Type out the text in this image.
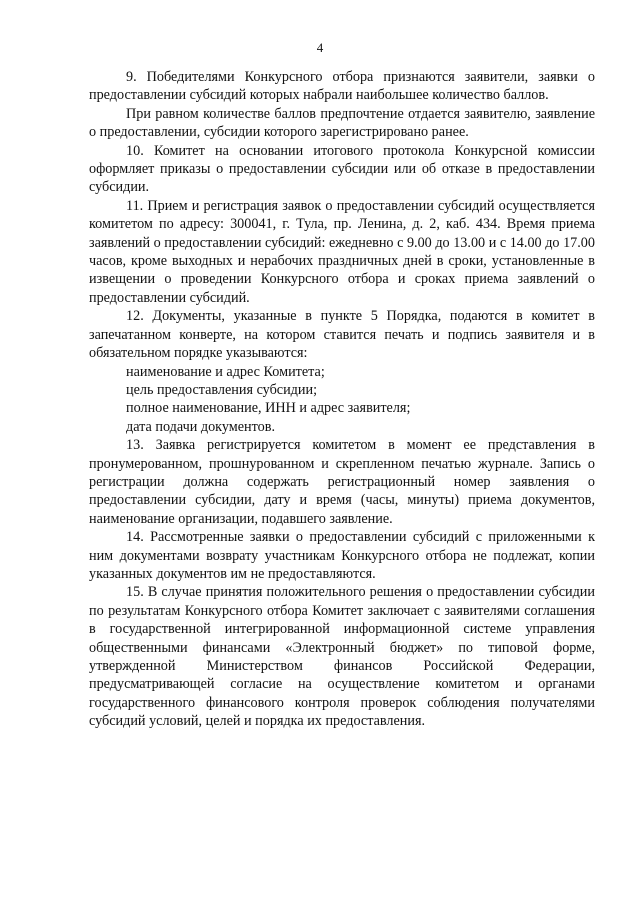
4

9. Победителями Конкурсного отбора признаются заявители, заявки о предоставлении субсидий которых набрали наибольшее количество баллов.

При равном количестве баллов предпочтение отдается заявителю, заявление о предоставлении, субсидии которого зарегистрировано ранее.

10. Комитет на основании итогового протокола Конкурсной комиссии оформляет приказы о предоставлении субсидии или об отказе в предоставлении субсидии.

11. Прием и регистрация заявок о предоставлении субсидий осуществляется комитетом по адресу: 300041, г. Тула, пр. Ленина, д. 2, каб. 434. Время приема заявлений о предоставлении субсидий: ежедневно с 9.00 до 13.00 и с 14.00 до 17.00 часов, кроме выходных и нерабочих праздничных дней в сроки, установленные в извещении о проведении Конкурсного отбора и сроках приема заявлений о предоставлении субсидий.

12. Документы, указанные в пункте 5 Порядка, подаются в комитет в запечатанном конверте, на котором ставится печать и подпись заявителя и в обязательном порядке указываются:

наименование и адрес Комитета;

цель предоставления субсидии;

полное наименование, ИНН и адрес заявителя;

дата подачи документов.

13. Заявка регистрируется комитетом в момент ее представления в пронумерованном, прошнурованном и скрепленном печатью журнале. Запись о регистрации должна содержать регистрационный номер заявления о предоставлении субсидии, дату и время (часы, минуты) приема документов, наименование организации, подавшего заявление.

14. Рассмотренные заявки о предоставлении субсидий с приложенными к ним документами возврату участникам Конкурсного отбора не подлежат, копии указанных документов им не предоставляются.

15. В случае принятия положительного решения о предоставлении субсидии по результатам Конкурсного отбора Комитет заключает с заявителями соглашения в государственной интегрированной информационной системе управления общественными финансами «Электронный бюджет» по типовой форме, утвержденной Министерством финансов Российской Федерации, предусматривающей согласие на осуществление комитетом и органами государственного финансового контроля проверок соблюдения получателями субсидий условий, целей и порядка их предоставления.
